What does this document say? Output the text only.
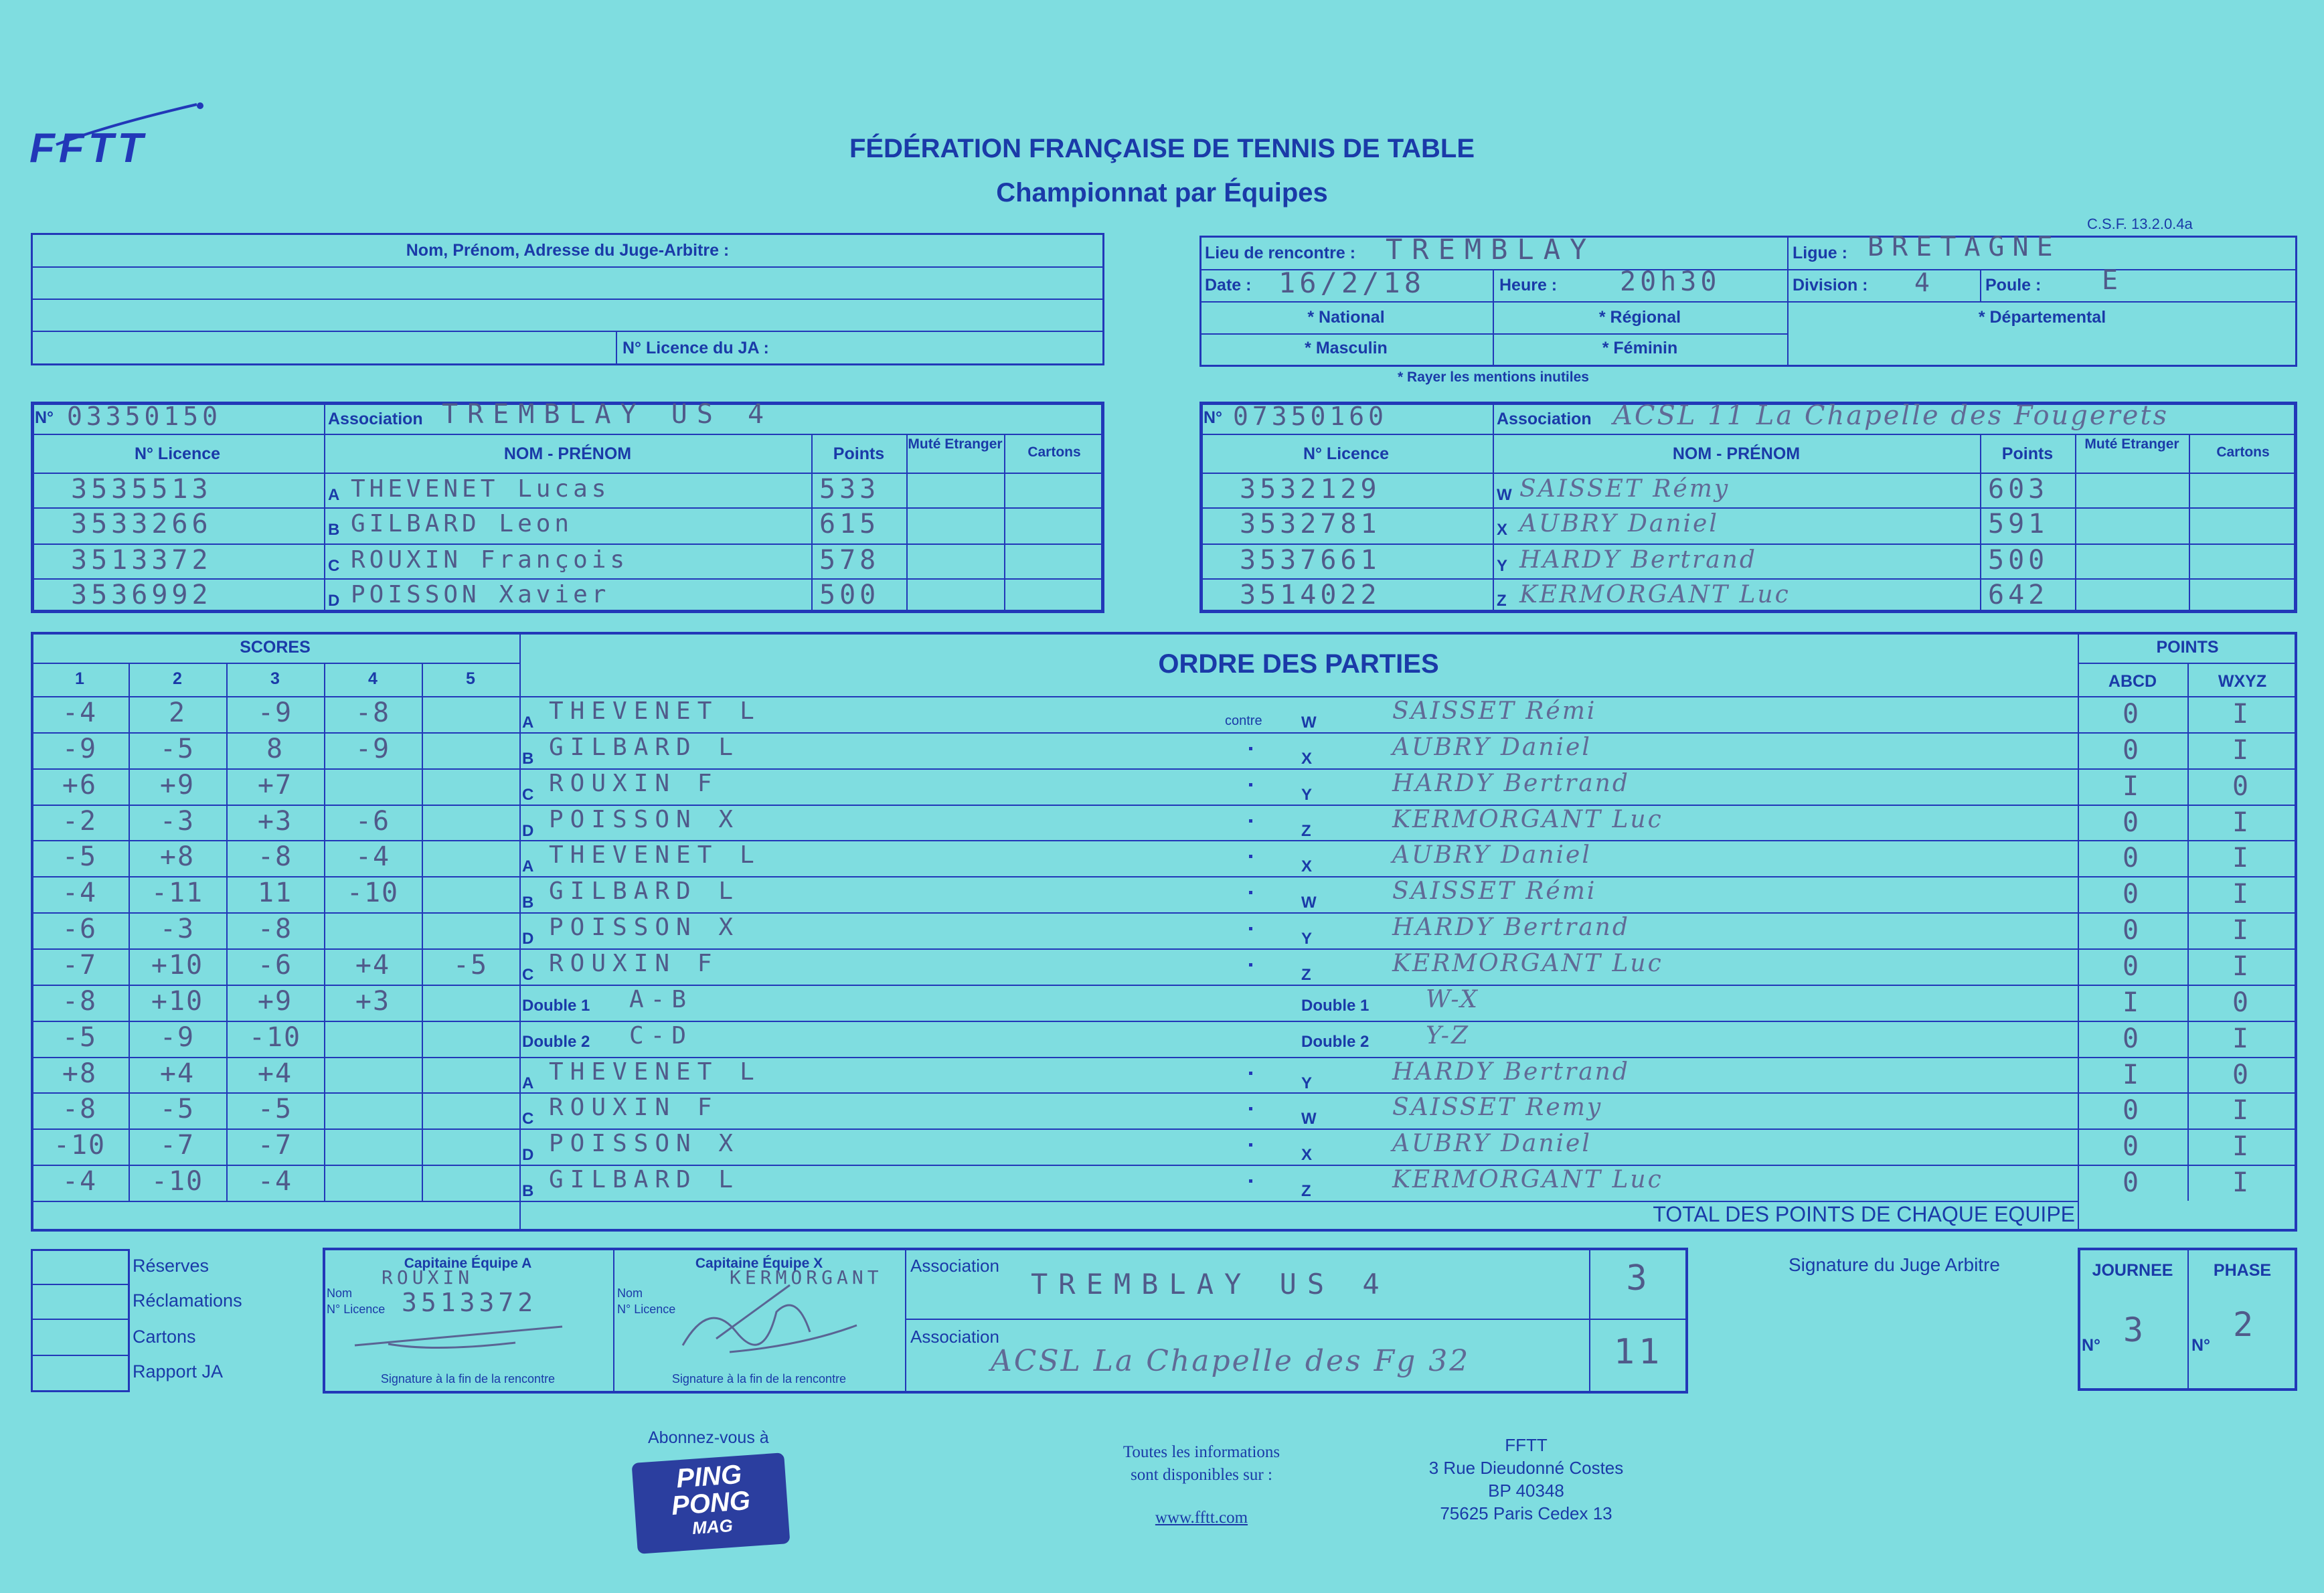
FFTT	FÉDÉRATION FRANÇAISE DE TENNIS DE TABLE
Championnat par Équipes
C.S.F. 13.2.0.4a
Nom, Prénom, Adresse du Juge-Arbitre :
N° Licence du JA :
Lieu de rencontre : TREMBLAY	Ligue : BRETAGNE
Date : 16/2/18	Heure : 20h30	Division : 4	Poule : E
* National	* Régional	* Départemental
* Masculin	* Féminin
* Rayer les mentions inutiles
N° 03350150	Association TREMBLAY US 4
N° Licence	NOM - PRÉNOM	Points
Muté Etranger
Cartons
3535513	A THEVENET Lucas	533
3533266	B GILBARD Leon	615
3513372	C ROUXIN François	578
3536992	D POISSON Xavier	500
N° 07350160	Association ACSL 11 La Chapelle des Fougerets
N° Licence	NOM - PRÉNOM	Points
Muté Etranger
Cartons
3532129	W SAISSET Rémy	603
3532781	X AUBRY Daniel	591
3537661	Y HARDY Bertrand	500
3514022	Z KERMORGANT Luc	642
SCORES
ORDRE DES PARTIES
POINTS
ABCD	WXYZ
1	2	3	4	5
-4	2	-9	-8	A THEVENET L	contre W	SAISSET Rémi	0	I
-9	-5	8	-9	B GILBARD L	X	AUBRY Daniel	0	I
+6	+9	+7	C ROUXIN F	Y	HARDY Bertrand	I	0
-2	-3	+3	-6	D POISSON X	Z	KERMORGANT Luc	0	I
-5	+8	-8	-4	A THEVENET L	X	AUBRY Daniel	0	I
-4	-11	11	-10	B GILBARD L	W	SAISSET Rémi	0	I
-6	-3	-8	D POISSON X	Y	HARDY Bertrand	0	I
-7	+10	-6	+4	-5	C ROUXIN F	Z	KERMORGANT Luc	0	I
-8	+10	+9	+3	Double 1 A-B	Double 1 W-X	I	0
-5	-9	-10	Double 2 C-D	Double 2 Y-Z	0	I
+8	+4	+4	A THEVENET L	Y	HARDY Bertrand	I	0
-8	-5	-5	C ROUXIN F	W	SAISSET Remy	0	I
-10	-7	-7	D POISSON X	X	AUBRY Daniel	0	I
-4	-10	-4	B GILBARD L	Z	KERMORGANT Luc	0	I
TOTAL DES POINTS DE CHAQUE EQUIPE
Réserves
Réclamations
Cartons
Rapport JA
Capitaine Équipe A
Nom
N° Licence
ROUXIN
3513372
Signature à la fin de la rencontre
Capitaine Équipe X
Nom
N° Licence
KERMORGANT
Signature à la fin de la rencontre
Association
TREMBLAY US 4	3
Association
ACSL La Chapelle des Fg 32	11
Signature du Juge Arbitre	JOURNEE	PHASE
N°	N°
3	2
Abonnez-vous à
PING
PONG
MAG
Toutes les informations
sont disponibles sur :
www.fftt.com
FFTT
3 Rue Dieudonné Costes
BP 40348
75625 Paris Cedex 13
